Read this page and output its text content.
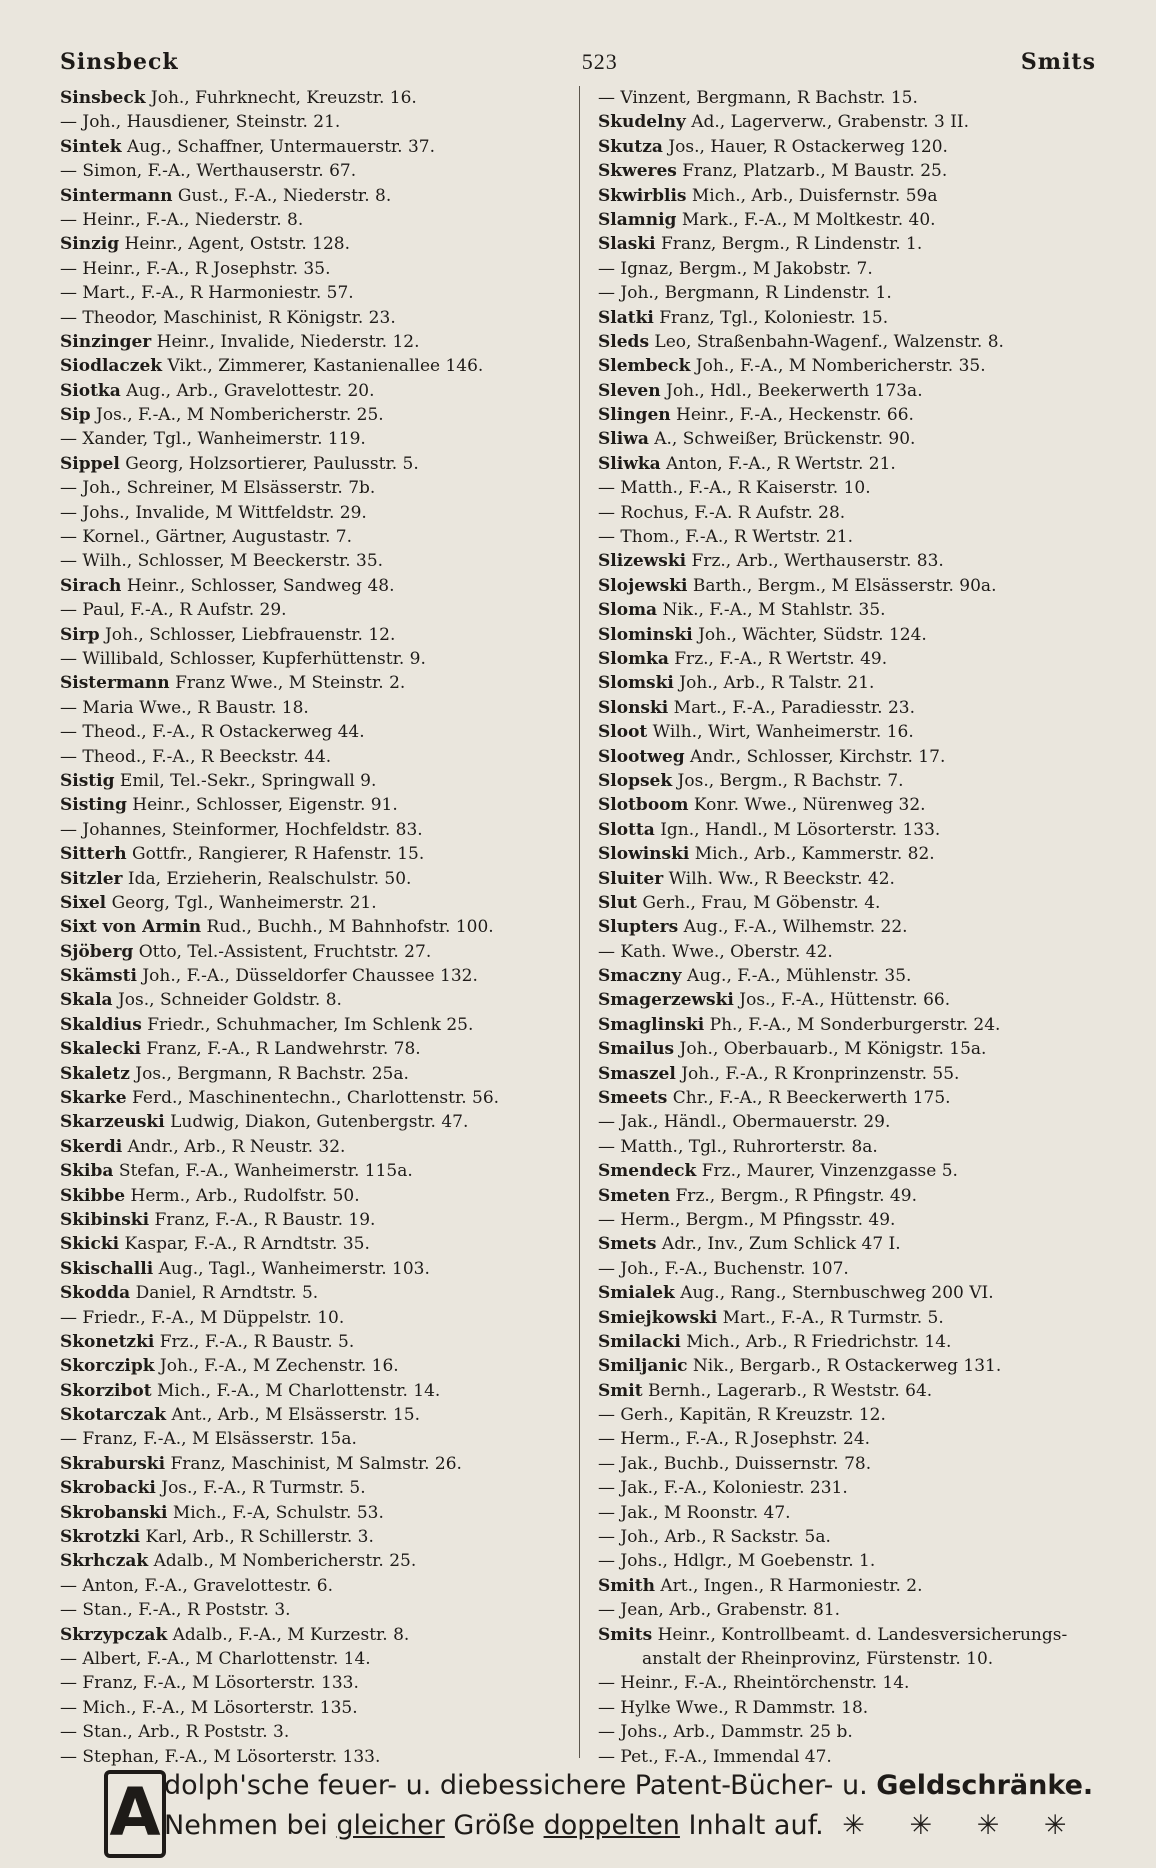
Sinsbeck	523	Smits
Sinsbeck Joh., Fuhrknecht, Kreuzstr. 16.
— Joh., Hausdiener, Steinstr. 21.
Sintek Aug., Schaffner, Untermauerstr. 37.
— Simon, F.-A., Werthauserstr. 67.
Sintermann Gust., F.-A., Niederstr. 8.
— Heinr., F.-A., Niederstr. 8.
Sinzig Heinr., Agent, Oststr. 128.
— Heinr., F.-A., R Josephstr. 35.
— Mart., F.-A., R Harmoniestr. 57.
— Theodor, Maschinist, R Königstr. 23.
Sinzinger Heinr., Invalide, Niederstr. 12.
Siodlaczek Vikt., Zimmerer, Kastanienallee 146.
Siotka Aug., Arb., Gravelottestr. 20.
Sip Jos., F.-A., M Nombericherstr. 25.
— Xander, Tgl., Wanheimerstr. 119.
Sippel Georg, Holzsortierer, Paulusstr. 5.
— Joh., Schreiner, M Elsässerstr. 7b.
— Johs., Invalide, M Wittfeldstr. 29.
— Kornel., Gärtner, Augustastr. 7.
— Wilh., Schlosser, M Beeckerstr. 35.
Sirach Heinr., Schlosser, Sandweg 48.
— Paul, F.-A., R Aufstr. 29.
Sirp Joh., Schlosser, Liebfrauenstr. 12.
— Willibald, Schlosser, Kupferhüttenstr. 9.
Sistermann Franz Wwe., M Steinstr. 2.
— Maria Wwe., R Baustr. 18.
— Theod., F.-A., R Ostackerweg 44.
— Theod., F.-A., R Beeckstr. 44.
Sistig Emil, Tel.-Sekr., Springwall 9.
Sisting Heinr., Schlosser, Eigenstr. 91.
— Johannes, Steinformer, Hochfeldstr. 83.
Sitterh Gottfr., Rangierer, R Hafenstr. 15.
Sitzler Ida, Erzieherin, Realschulstr. 50.
Sixel Georg, Tgl., Wanheimerstr. 21.
Sixt von Armin Rud., Buchh., M Bahnhofstr. 100.
Sjöberg Otto, Tel.-Assistent, Fruchtstr. 27.
Skämsti Joh., F.-A., Düsseldorfer Chaussee 132.
Skala Jos., Schneider Goldstr. 8.
Skaldius Friedr., Schuhmacher, Im Schlenk 25.
Skalecki Franz, F.-A., R Landwehrstr. 78.
Skaletz Jos., Bergmann, R Bachstr. 25a.
Skarke Ferd., Maschinentechn., Charlottenstr. 56.
Skarzeuski Ludwig, Diakon, Gutenbergstr. 47.
Skerdi Andr., Arb., R Neustr. 32.
Skiba Stefan, F.-A., Wanheimerstr. 115a.
Skibbe Herm., Arb., Rudolfstr. 50.
Skibinski Franz, F.-A., R Baustr. 19.
Skicki Kaspar, F.-A., R Arndtstr. 35.
Skischalli Aug., Tagl., Wanheimerstr. 103.
Skodda Daniel, R Arndtstr. 5.
— Friedr., F.-A., M Düppelstr. 10.
Skonetzki Frz., F.-A., R Baustr. 5.
Skorczipk Joh., F.-A., M Zechenstr. 16.
Skorzibot Mich., F.-A., M Charlottenstr. 14.
Skotarczak Ant., Arb., M Elsässerstr. 15.
— Franz, F.-A., M Elsässerstr. 15a.
Skraburski Franz, Maschinist, M Salmstr. 26.
Skrobacki Jos., F.-A., R Turmstr. 5.
Skrobanski Mich., F.-A, Schulstr. 53.
Skrotzki Karl, Arb., R Schillerstr. 3.
Skrhczak Adalb., M Nombericherstr. 25.
— Anton, F.-A., Gravelottestr. 6.
— Stan., F.-A., R Poststr. 3.
Skrzypczak Adalb., F.-A., M Kurzestr. 8.
— Albert, F.-A., M Charlottenstr. 14.
— Franz, F.-A., M Lösorterstr. 133.
— Mich., F.-A., M Lösorterstr. 135.
— Stan., Arb., R Poststr. 3.
— Stephan, F.-A., M Lösorterstr. 133.
— Vinzent, Bergmann, R Bachstr. 15.
Skudelny Ad., Lagerverw., Grabenstr. 3 II.
Skutza Jos., Hauer, R Ostackerweg 120.
Skweres Franz, Platzarb., M Baustr. 25.
Skwirblis Mich., Arb., Duisfernstr. 59a
Slamnig Mark., F.-A., M Moltkestr. 40.
Slaski Franz, Bergm., R Lindenstr. 1.
— Ignaz, Bergm., M Jakobstr. 7.
— Joh., Bergmann, R Lindenstr. 1.
Slatki Franz, Tgl., Koloniestr. 15.
Sleds Leo, Straßenbahn-Wagenf., Walzenstr. 8.
Slembeck Joh., F.-A., M Nombericherstr. 35.
Sleven Joh., Hdl., Beekerwerth 173a.
Slingen Heinr., F.-A., Heckenstr. 66.
Sliwa A., Schweißer, Brückenstr. 90.
Sliwka Anton, F.-A., R Wertstr. 21.
— Matth., F.-A., R Kaiserstr. 10.
— Rochus, F.-A. R Aufstr. 28.
— Thom., F.-A., R Wertstr. 21.
Slizewski Frz., Arb., Werthauserstr. 83.
Slojewski Barth., Bergm., M Elsässerstr. 90a.
Sloma Nik., F.-A., M Stahlstr. 35.
Slominski Joh., Wächter, Südstr. 124.
Slomka Frz., F.-A., R Wertstr. 49.
Slomski Joh., Arb., R Talstr. 21.
Slonski Mart., F.-A., Paradiesstr. 23.
Sloot Wilh., Wirt, Wanheimerstr. 16.
Slootweg Andr., Schlosser, Kirchstr. 17.
Slopsek Jos., Bergm., R Bachstr. 7.
Slotboom Konr. Wwe., Nürenweg 32.
Slotta Ign., Handl., M Lösorterstr. 133.
Slowinski Mich., Arb., Kammerstr. 82.
Sluiter Wilh. Ww., R Beeckstr. 42.
Slut Gerh., Frau, M Göbenstr. 4.
Slupters Aug., F.-A., Wilhemstr. 22.
— Kath. Wwe., Oberstr. 42.
Smaczny Aug., F.-A., Mühlenstr. 35.
Smagerzewski Jos., F.-A., Hüttenstr. 66.
Smaglinski Ph., F.-A., M Sonderburgerstr. 24.
Smailus Joh., Oberbauarb., M Königstr. 15a.
Smaszel Joh., F.-A., R Kronprinzenstr. 55.
Smeets Chr., F.-A., R Beeckerwerth 175.
— Jak., Händl., Obermauerstr. 29.
— Matth., Tgl., Ruhrorterstr. 8a.
Smendeck Frz., Maurer, Vinzenzgasse 5.
Smeten Frz., Bergm., R Pfingstr. 49.
— Herm., Bergm., M Pfingsstr. 49.
Smets Adr., Inv., Zum Schlick 47 I.
— Joh., F.-A., Buchenstr. 107.
Smialek Aug., Rang., Sternbuschweg 200 VI.
Smiejkowski Mart., F.-A., R Turmstr. 5.
Smilacki Mich., Arb., R Friedrichstr. 14.
Smiljanic Nik., Bergarb., R Ostackerweg 131.
Smit Bernh., Lagerarb., R Weststr. 64.
— Gerh., Kapitän, R Kreuzstr. 12.
— Herm., F.-A., R Josephstr. 24.
— Jak., Buchb., Duissernstr. 78.
— Jak., F.-A., Koloniestr. 231.
— Jak., M Roonstr. 47.
— Joh., Arb., R Sackstr. 5a.
— Johs., Hdlgr., M Goebenstr. 1.
Smith Art., Ingen., R Harmoniestr. 2.
— Jean, Arb., Grabenstr. 81.
Smits Heinr., Kontrollbeamt. d. Landesversicherungs-
anstalt der Rheinprovinz, Fürstenstr. 10.
— Heinr., F.-A., Rheintörchenstr. 14.
— Hylke Wwe., R Dammstr. 18.
— Johs., Arb., Dammstr. 25 b.
— Pet., F.-A., Immendal 47.
A dolph'sche feuer- u. diebessichere Patent-Bücher- u. Geldschränke.
Nehmen bei gleicher Größe doppelten Inhalt auf. ✳ ✳ ✳ ✳
